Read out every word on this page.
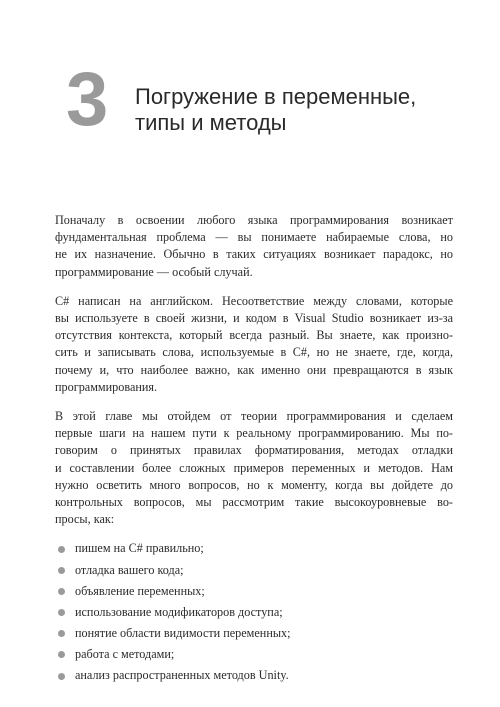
3 Погружение в переменные,
типы и методы
Поначалу в освоении любого языка программирования возникает
фундаментальная проблема — вы понимаете набираемые слова, но
не их назначение. Обычно в таких ситуациях возникает парадокс, но
программирование — особый случай.
C# написан на английском. Несоответствие между словами, которые
вы используете в своей жизни, и кодом в Visual Studio возникает из-за
отсутствия контекста, который всегда разный. Вы знаете, как произно-
сить и записывать слова, используемые в C#, но не знаете, где, когда,
почему и, что наиболее важно, как именно они превращаются в язык
программирования.
В этой главе мы отойдем от теории программирования и сделаем
первые шаги на нашем пути к реальному программированию. Мы по-
говорим о принятых правилах форматирования, методах отладки
и составлении более сложных примеров переменных и методов. Нам
нужно осветить много вопросов, но к моменту, когда вы дойдете до
контрольных вопросов, мы рассмотрим такие высокоуровневые во-
просы, как:
пишем на C# правильно;
отладка вашего кода;
объявление переменных;
использование модификаторов доступа;
понятие области видимости переменных;
работа с методами;
анализ распространенных методов Unity.
